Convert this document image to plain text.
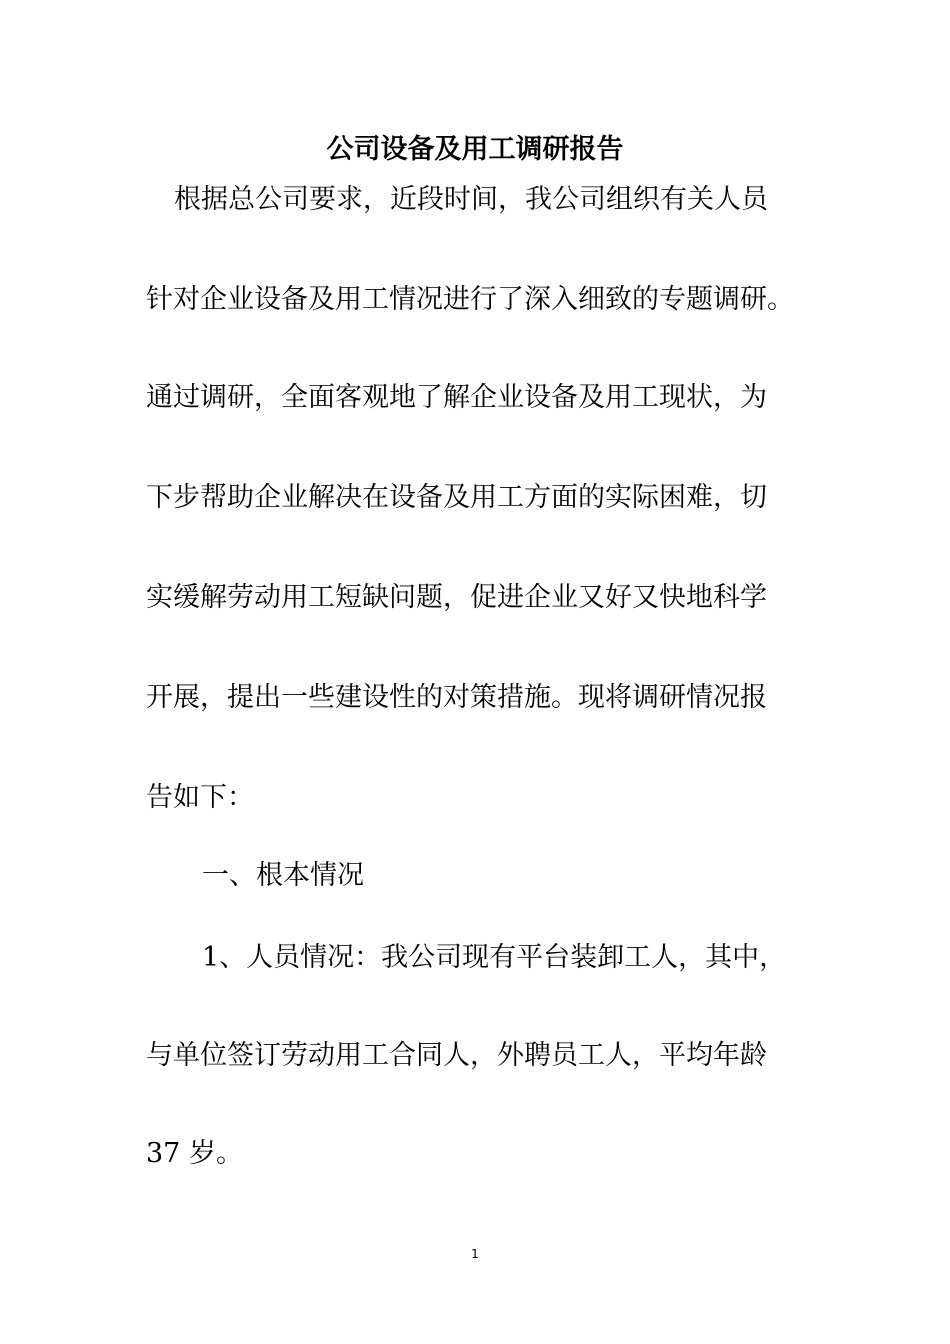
公司设备及用工调研报告

根据总公司要求，近段时间，我公司组织有关人员

针对企业设备及用工情况进行了深入细致的专题调研。

通过调研，全面客观地了解企业设备及用工现状，为

下步帮助企业解决在设备及用工方面的实际困难，切

实缓解劳动用工短缺问题，促进企业又好又快地科学

开展，提出一些建设性的对策措施。现将调研情况报

告如下：

一、根本情况

1、人员情况：我公司现有平台装卸工人，其中，

与单位签订劳动用工合同人，外聘员工人，平均年龄

37 岁。

1
